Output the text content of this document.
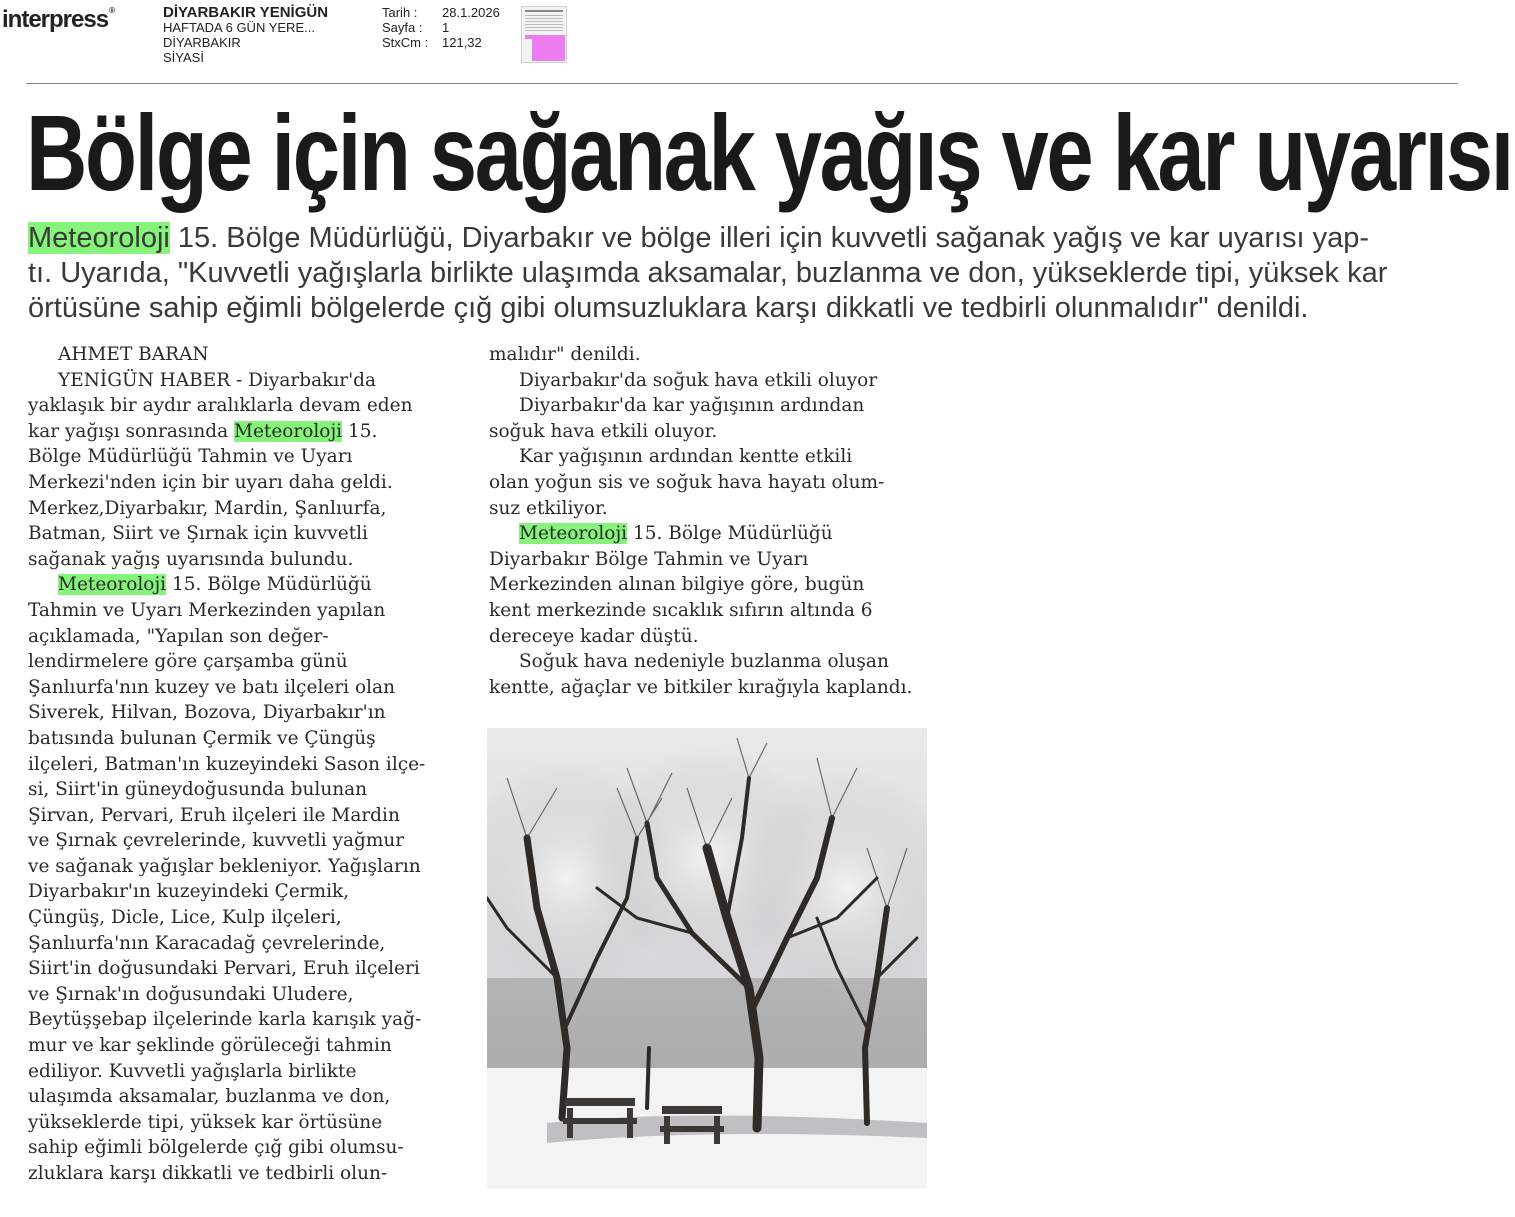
interpress®	DİYARBAKIR YENİGÜN
HAFTADA 6 GÜN YERE...
DİYARBAKIR
SİYASİ
Tarih :	28.1.2026
Sayfa :	1
StxCm :	121,32
Bölge için sağanak yağış ve kar uyarısı
Meteoroloji 15. Bölge Müdürlüğü, Diyarbakır ve bölge illeri için kuvvetli sağanak yağış ve kar uyarısı yap-
tı. Uyarıda, "Kuvvetli yağışlarla birlikte ulaşımda aksamalar, buzlanma ve don, yükseklerde tipi, yüksek kar
örtüsüne sahip eğimli bölgelerde çığ gibi olumsuzluklara karşı dikkatli ve tedbirli olunmalıdır" denildi.
AHMET BARAN
YENİGÜN HABER - Diyarbakır'da
yaklaşık bir aydır aralıklarla devam eden
kar yağışı sonrasında Meteoroloji 15.
Bölge Müdürlüğü Tahmin ve Uyarı
Merkezi'nden için bir uyarı daha geldi.
Merkez,Diyarbakır, Mardin, Şanlıurfa,
Batman, Siirt ve Şırnak için kuvvetli
sağanak yağış uyarısında bulundu.
Meteoroloji 15. Bölge Müdürlüğü
Tahmin ve Uyarı Merkezinden yapılan
açıklamada, "Yapılan son değer-
lendirmelere göre çarşamba günü
Şanlıurfa'nın kuzey ve batı ilçeleri olan
Siverek, Hilvan, Bozova, Diyarbakır'ın
batısında bulunan Çermik ve Çüngüş
ilçeleri, Batman'ın kuzeyindeki Sason ilçe-
si, Siirt'in güneydoğusunda bulunan
Şirvan, Pervari, Eruh ilçeleri ile Mardin
ve Şırnak çevrelerinde, kuvvetli yağmur
ve sağanak yağışlar bekleniyor. Yağışların
Diyarbakır'ın kuzeyindeki Çermik,
Çüngüş, Dicle, Lice, Kulp ilçeleri,
Şanlıurfa'nın Karacadağ çevrelerinde,
Siirt'in doğusundaki Pervari, Eruh ilçeleri
ve Şırnak'ın doğusundaki Uludere,
Beytüşşebap ilçelerinde karla karışık yağ-
mur ve kar şeklinde görüleceği tahmin
ediliyor. Kuvvetli yağışlarla birlikte
ulaşımda aksamalar, buzlanma ve don,
yükseklerde tipi, yüksek kar örtüsüne
sahip eğimli bölgelerde çığ gibi olumsu-
zluklara karşı dikkatli ve tedbirli olun-
malıdır" denildi.
Diyarbakır'da soğuk hava etkili oluyor
Diyarbakır'da kar yağışının ardından
soğuk hava etkili oluyor.
Kar yağışının ardından kentte etkili
olan yoğun sis ve soğuk hava hayatı olum-
suz etkiliyor.
Meteoroloji 15. Bölge Müdürlüğü
Diyarbakır Bölge Tahmin ve Uyarı
Merkezinden alınan bilgiye göre, bugün
kent merkezinde sıcaklık sıfırın altında 6
dereceye kadar düştü.
Soğuk hava nedeniyle buzlanma oluşan
kentte, ağaçlar ve bitkiler kırağıyla kaplandı.
